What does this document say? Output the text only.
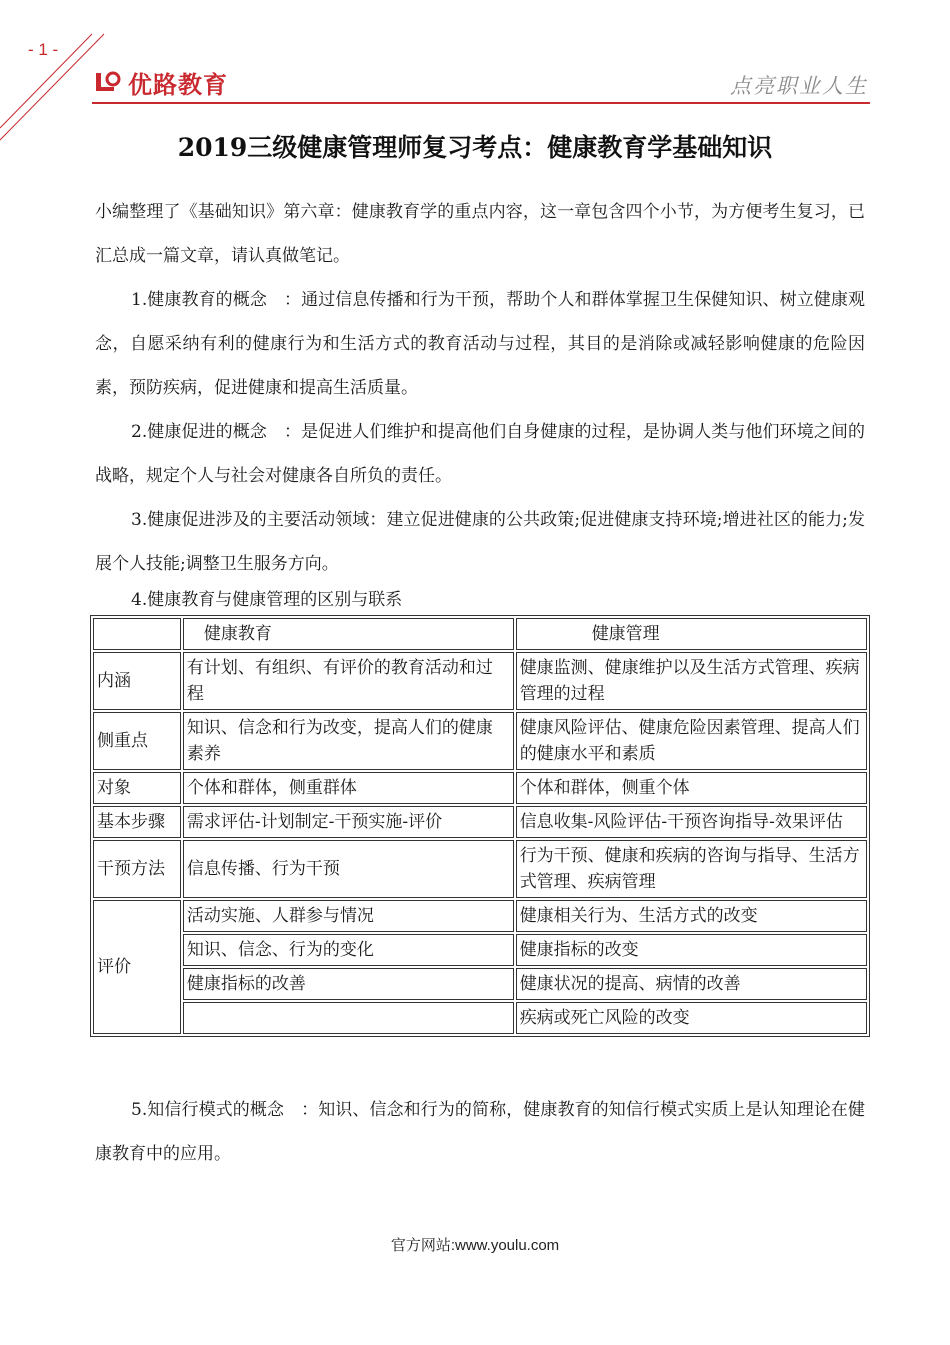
- 1 -
优路教育	点亮职业人生
2019三级健康管理师复习考点：健康教育学基础知识

小编整理了《基础知识》第六章：健康教育学的重点内容，这一章包含四个小节，为方便考生复习，已汇总成一篇文章，请认真做笔记。

1.健康教育的概念　：通过信息传播和行为干预，帮助个人和群体掌握卫生保健知识、树立健康观念，自愿采纳有利的健康行为和生活方式的教育活动与过程，其目的是消除或减轻影响健康的危险因素，预防疾病，促进健康和提高生活质量。

2.健康促进的概念　：是促进人们维护和提高他们自身健康的过程，是协调人类与他们环境之间的战略，规定个人与社会对健康各自所负的责任。

3.健康促进涉及的主要活动领域：建立促进健康的公共政策;促进健康支持环境;增进社区的能力;发展个人技能;调整卫生服务方向。

4.健康教育与健康管理的区别与联系

	健康教育	健康管理
内涵	有计划、有组织、有评价的教育活动和过程	健康监测、健康维护以及生活方式管理、疾病管理的过程
侧重点	知识、信念和行为改变，提高人们的健康素养	健康风险评估、健康危险因素管理、提高人们的健康水平和素质
对象	个体和群体，侧重群体	个体和群体，侧重个体
基本步骤	需求评估-计划制定-干预实施-评价	信息收集-风险评估-干预咨询指导-效果评估
干预方法	信息传播、行为干预	行为干预、健康和疾病的咨询与指导、生活方式管理、疾病管理
评价	活动实施、人群参与情况	健康相关行为、生活方式的改变
	知识、信念、行为的变化	健康指标的改变
	健康指标的改善	健康状况的提高、病情的改善
		疾病或死亡风险的改变

5.知信行模式的概念　：知识、信念和行为的简称，健康教育的知信行模式实质上是认知理论在健康教育中的应用。

官方网站:www.youlu.com
